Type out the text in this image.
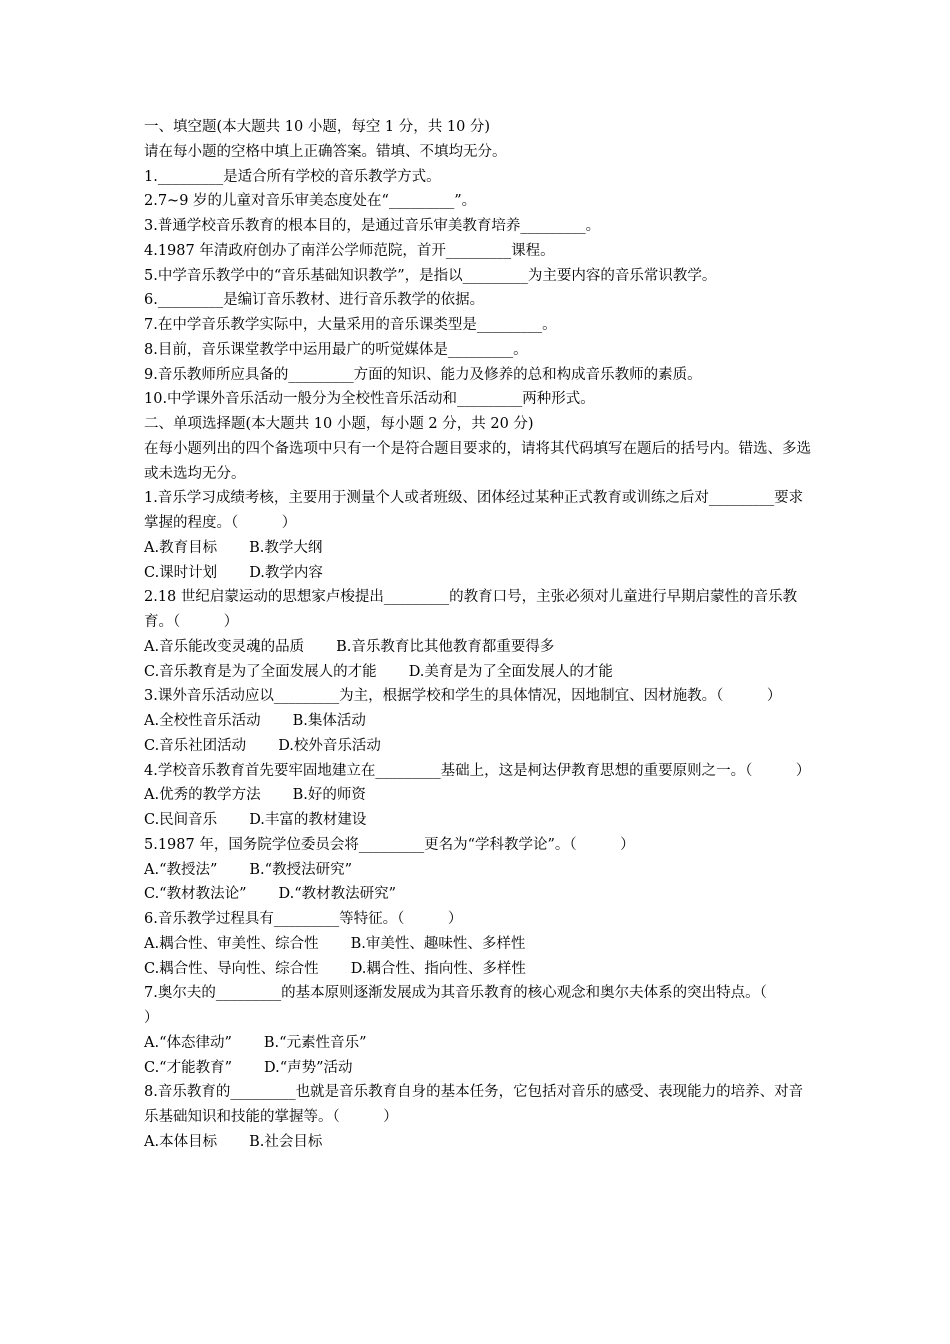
一、填空题(本大题共 10 小题，每空 1 分，共 10 分)

请在每小题的空格中填上正确答案。错填、不填均无分。

1._________是适合所有学校的音乐教学方式。

2.7~9 岁的儿童对音乐审美态度处在“_________”。

3.普通学校音乐教育的根本目的，是通过音乐审美教育培养_________。

4.1987 年清政府创办了南洋公学师范院，首开_________课程。

5.中学音乐教学中的“音乐基础知识教学”，是指以_________为主要内容的音乐常识教学。

6._________是编订音乐教材、进行音乐教学的依据。

7.在中学音乐教学实际中，大量采用的音乐课类型是_________。

8.目前，音乐课堂教学中运用最广的听觉媒体是_________。

9.音乐教师所应具备的_________方面的知识、能力及修养的总和构成音乐教师的素质。

10.中学课外音乐活动一般分为全校性音乐活动和_________两种形式。

二、单项选择题(本大题共 10 小题，每小题 2 分，共 20 分)

在每小题列出的四个备选项中只有一个是符合题目要求的，请将其代码填写在题后的括号内。错选、多选或未选均无分。

1.音乐学习成绩考核，主要用于测量个人或者班级、团体经过某种正式教育或训练之后对_________要求掌握的程度。（　　　）

A.教育目标 B.教学大纲

C.课时计划 D.教学内容

2.18 世纪启蒙运动的思想家卢梭提出_________的教育口号，主张必须对儿童进行早期启蒙性的音乐教育。（　　　）

A.音乐能改变灵魂的品质 B.音乐教育比其他教育都重要得多

C.音乐教育是为了全面发展人的才能 D.美育是为了全面发展人的才能

3.课外音乐活动应以_________为主，根据学校和学生的具体情况，因地制宜、因材施教。（　　　）

A.全校性音乐活动 B.集体活动

C.音乐社团活动 D.校外音乐活动

4.学校音乐教育首先要牢固地建立在_________基础上，这是柯达伊教育思想的重要原则之一。（　　　）

A.优秀的教学方法 B.好的师资

C.民间音乐 D.丰富的教材建设

5.1987 年，国务院学位委员会将_________更名为“学科教学论”。（　　　）

A.“教授法” B.“教授法研究”

C.“教材教法论” D.“教材教法研究”

6.音乐教学过程具有_________等特征。（　　　）

A.耦合性、审美性、综合性 B.审美性、趣味性、多样性

C.耦合性、导向性、综合性 D.耦合性、指向性、多样性

7.奥尔夫的_________的基本原则逐渐发展成为其音乐教育的核心观念和奥尔夫体系的突出特点。（　　　）

A.“体态律动” B.“元素性音乐”

C.“才能教育” D.“声势”活动

8.音乐教育的_________也就是音乐教育自身的基本任务，它包括对音乐的感受、表现能力的培养、对音乐基础知识和技能的掌握等。（　　　）

A.本体目标 B.社会目标
